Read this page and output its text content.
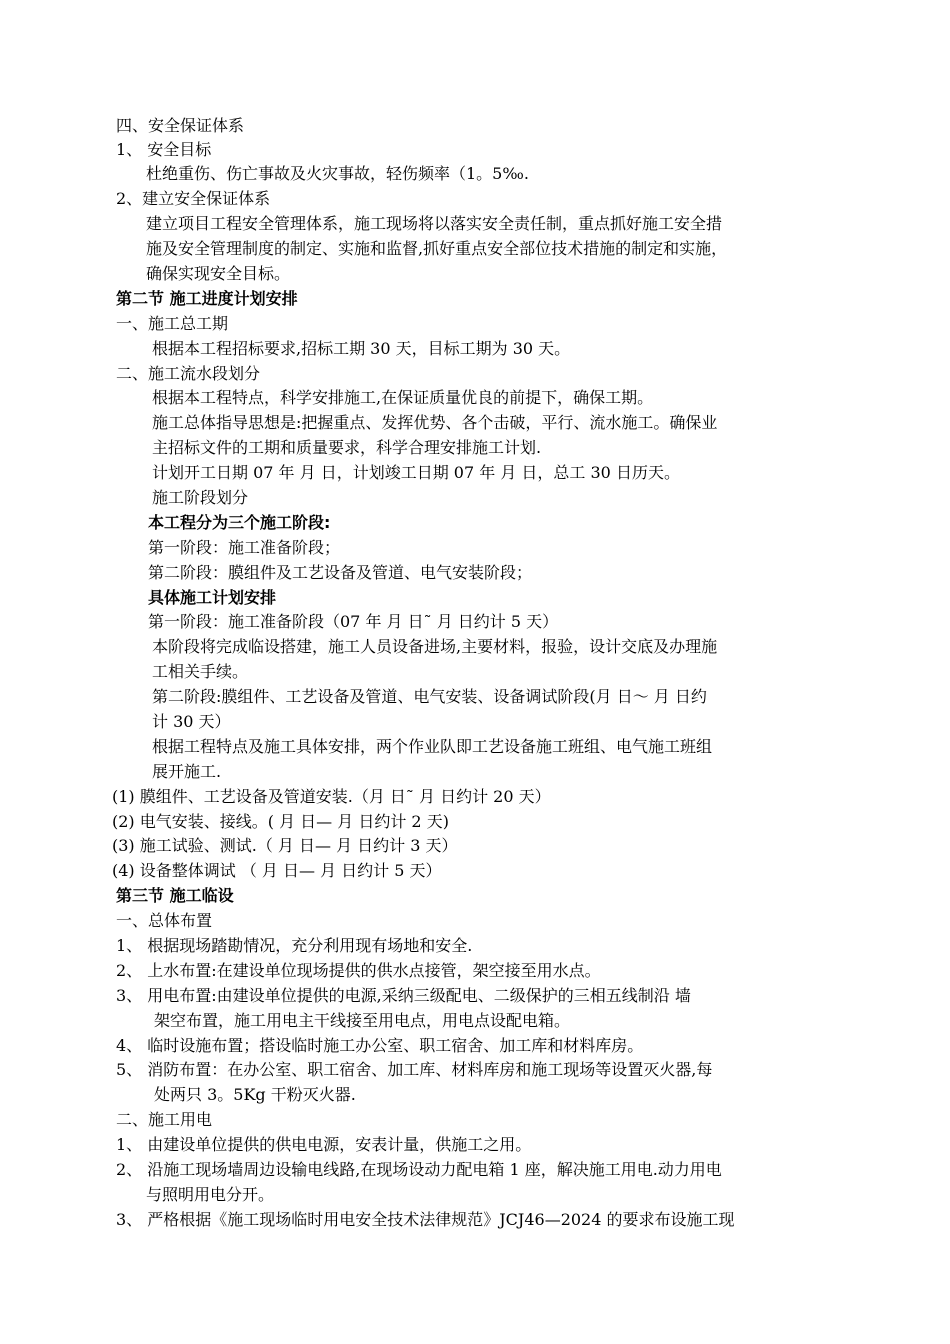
四、安全保证体系
1、 安全目标
杜绝重伤、伤亡事故及火灾事故，轻伤频率（1。5‰.
2、建立安全保证体系
建立项目工程安全管理体系，施工现场将以落实安全责任制，重点抓好施工安全措
施及安全管理制度的制定、实施和监督,抓好重点安全部位技术措施的制定和实施，
确保实现安全目标。
第二节 施工进度计划安排
一、施工总工期
根据本工程招标要求,招标工期 30 天，目标工期为 30 天。
二、施工流水段划分
根据本工程特点，科学安排施工,在保证质量优良的前提下，确保工期。
施工总体指导思想是:把握重点、发挥优势、各个击破，平行、流水施工。确保业
主招标文件的工期和质量要求，科学合理安排施工计划.
计划开工日期 07 年 月 日，计划竣工日期 07 年 月 日，总工 30 日历天。
施工阶段划分
本工程分为三个施工阶段:
第一阶段：施工准备阶段；
第二阶段：膜组件及工艺设备及管道、电气安装阶段；
具体施工计划安排
第一阶段：施工准备阶段（07 年 月 日˜ 月 日约计 5 天）
本阶段将完成临设搭建，施工人员设备进场,主要材料，报验，设计交底及办理施
工相关手续。
第二阶段:膜组件、工艺设备及管道、电气安装、设备调试阶段(月 日～ 月 日约
计 30 天）
根据工程特点及施工具体安排，两个作业队即工艺设备施工班组、电气施工班组
展开施工.
(1) 膜组件、工艺设备及管道安装.（月 日˜ 月 日约计 20 天）
(2) 电气安装、接线。( 月 日— 月 日约计 2 天)
(3) 施工试验、测试.（ 月 日— 月 日约计 3 天）
(4) 设备整体调试 （ 月 日— 月 日约计 5 天）
第三节 施工临设
一、总体布置
1、 根据现场踏勘情况，充分利用现有场地和安全.
2、 上水布置:在建设单位现场提供的供水点接管，架空接至用水点。
3、 用电布置:由建设单位提供的电源,采纳三级配电、二级保护的三相五线制沿 墙
架空布置，施工用电主干线接至用电点，用电点设配电箱。
4、 临时设施布置；搭设临时施工办公室、职工宿舍、加工库和材料库房。
5、 消防布置：在办公室、职工宿舍、加工库、材料库房和施工现场等设置灭火器,每
处两只 3。5Kg 干粉灭火器.
二、施工用电
1、 由建设单位提供的供电电源，安表计量，供施工之用。
2、 沿施工现场墙周边设输电线路,在现场设动力配电箱 1 座，解决施工用电.动力用电
与照明用电分开。
3、 严格根据《施工现场临时用电安全技术法律规范》JCJ46—2024 的要求布设施工现
